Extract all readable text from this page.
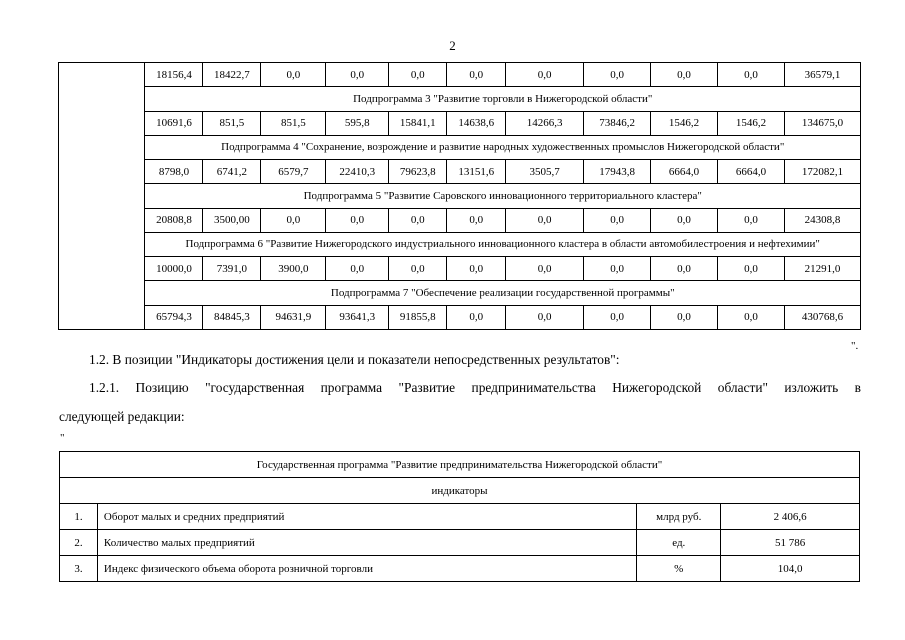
2
	18156,4	18422,7	0,0	0,0	0,0	0,0	0,0	0,0	0,0	0,0	36579,1
	Подпрограмма 3 "Развитие торговли в Нижегородской области"										
	10691,6	851,5	851,5	595,8	15841,1	14638,6	14266,3	73846,2	1546,2	1546,2	134675,0
	Подпрограмма 4 "Сохранение, возрождение и развитие народных художественных промыслов Нижегородской области"										
	8798,0	6741,2	6579,7	22410,3	79623,8	13151,6	3505,7	17943,8	6664,0	6664,0	172082,1
	Подпрограмма 5 "Развитие Саровского инновационного территориального кластера"										
	20808,8	3500,00	0,0	0,0	0,0	0,0	0,0	0,0	0,0	0,0	24308,8
	Подпрограмма 6 "Развитие Нижегородского индустриального инновационного кластера в области автомобилестроения и нефтехимии"										
	10000,0	7391,0	3900,0	0,0	0,0	0,0	0,0	0,0	0,0	0,0	21291,0
	Подпрограмма 7 "Обеспечение реализации государственной программы"										
	65794,3	84845,3	94631,9	93641,3	91855,8	0,0	0,0	0,0	0,0	0,0	430768,6
".
1.2. В позиции "Индикаторы достижения цели и показатели непосредственных результатов":
1.2.1. Позицию "государственная программа "Развитие предпринимательства Нижегородской области" изложить в
следующей редакции:
"
Государственная программа "Развитие предпринимательства Нижегородской области"			
индикаторы			
1.	Оборот малых и средних предприятий	млрд руб.	2 406,6
2.	Количество малых предприятий	ед.	51 786
3.	Индекс физического объема оборота розничной торговли	%	104,0
